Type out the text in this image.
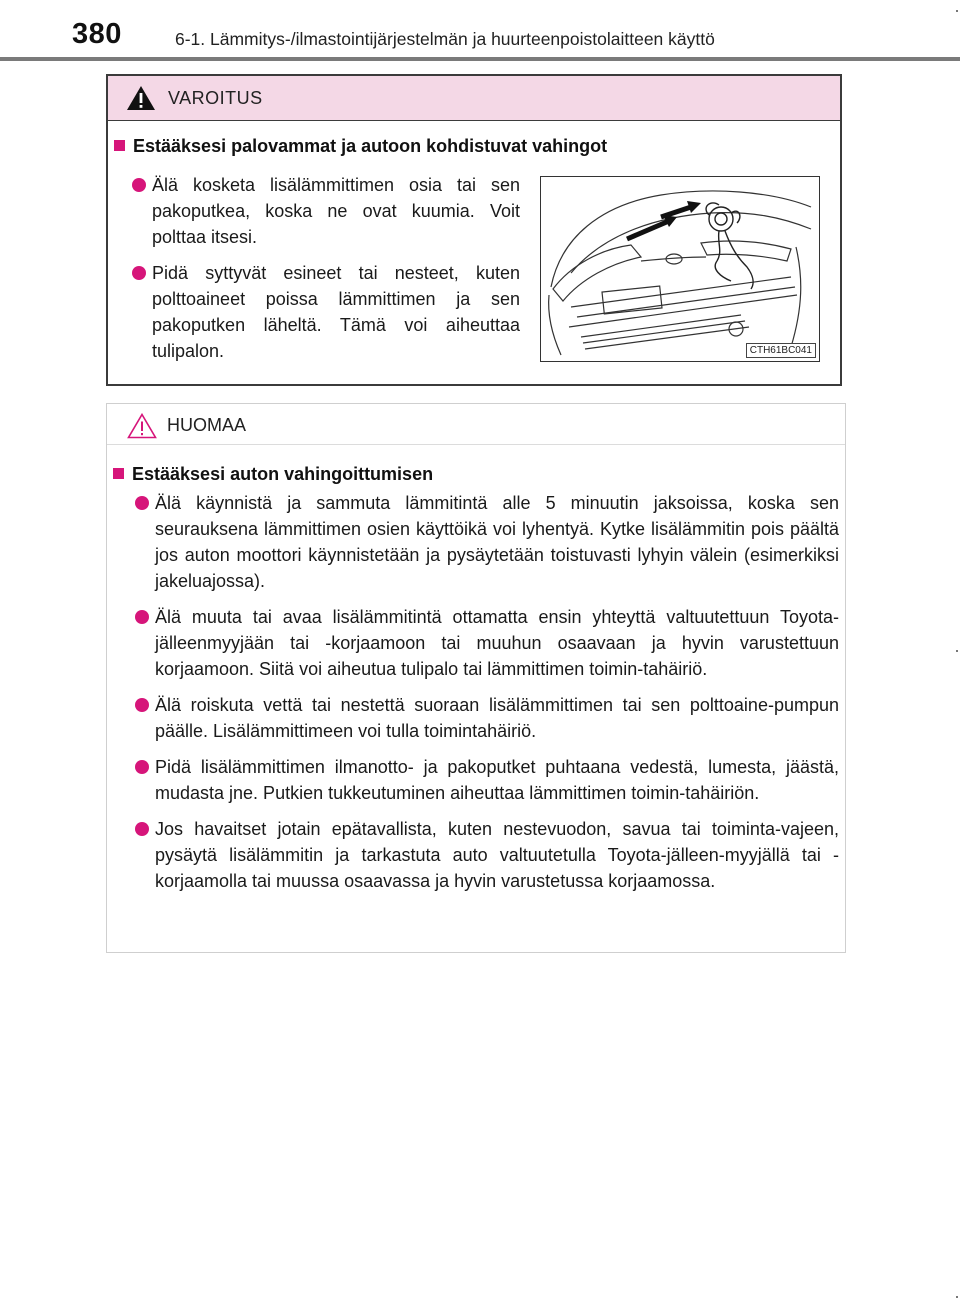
380	6-1. Lämmitys-/ilmastointijärjestelmän ja huurteenpoistolaitteen käyttö
VAROITUS
Estääksesi palovammat ja autoon kohdistuvat vahingot
Älä kosketa lisälämmittimen osia tai sen pakoputkea, koska ne ovat kuumia. Voit polttaa itsesi.
Pidä syttyvät esineet tai nesteet, kuten polttoaineet poissa lämmittimen ja sen pakoputken läheltä. Tämä voi aiheuttaa tulipalon.	CTH61BC041
HUOMAA
Estääksesi auton vahingoittumisen
Älä käynnistä ja sammuta lämmitintä alle 5 minuutin jaksoissa, koska sen seurauksena lämmittimen osien käyttöikä voi lyhentyä. Kytke lisälämmitin pois päältä jos auton moottori käynnistetään ja pysäytetään toistuvasti lyhyin välein (esimerkiksi jakeluajossa).
Älä muuta tai avaa lisälämmitintä ottamatta ensin yhteyttä valtuutettuun Toyota-jälleenmyyjään tai -korjaamoon tai muuhun osaavaan ja hyvin varustettuun korjaamoon. Siitä voi aiheutua tulipalo tai lämmittimen toimin-tahäiriö.
Älä roiskuta vettä tai nestettä suoraan lisälämmittimen tai sen polttoaine-pumpun päälle. Lisälämmittimeen voi tulla toimintahäiriö.
Pidä lisälämmittimen ilmanotto- ja pakoputket puhtaana vedestä, lumesta, jäästä, mudasta jne. Putkien tukkeutuminen aiheuttaa lämmittimen toimin-tahäiriön.
Jos havaitset jotain epätavallista, kuten nestevuodon, savua tai toiminta-vajeen, pysäytä lisälämmitin ja tarkastuta auto valtuutetulla Toyota-jälleen-myyjällä tai -korjaamolla tai muussa osaavassa ja hyvin varustetussa korjaamossa.
